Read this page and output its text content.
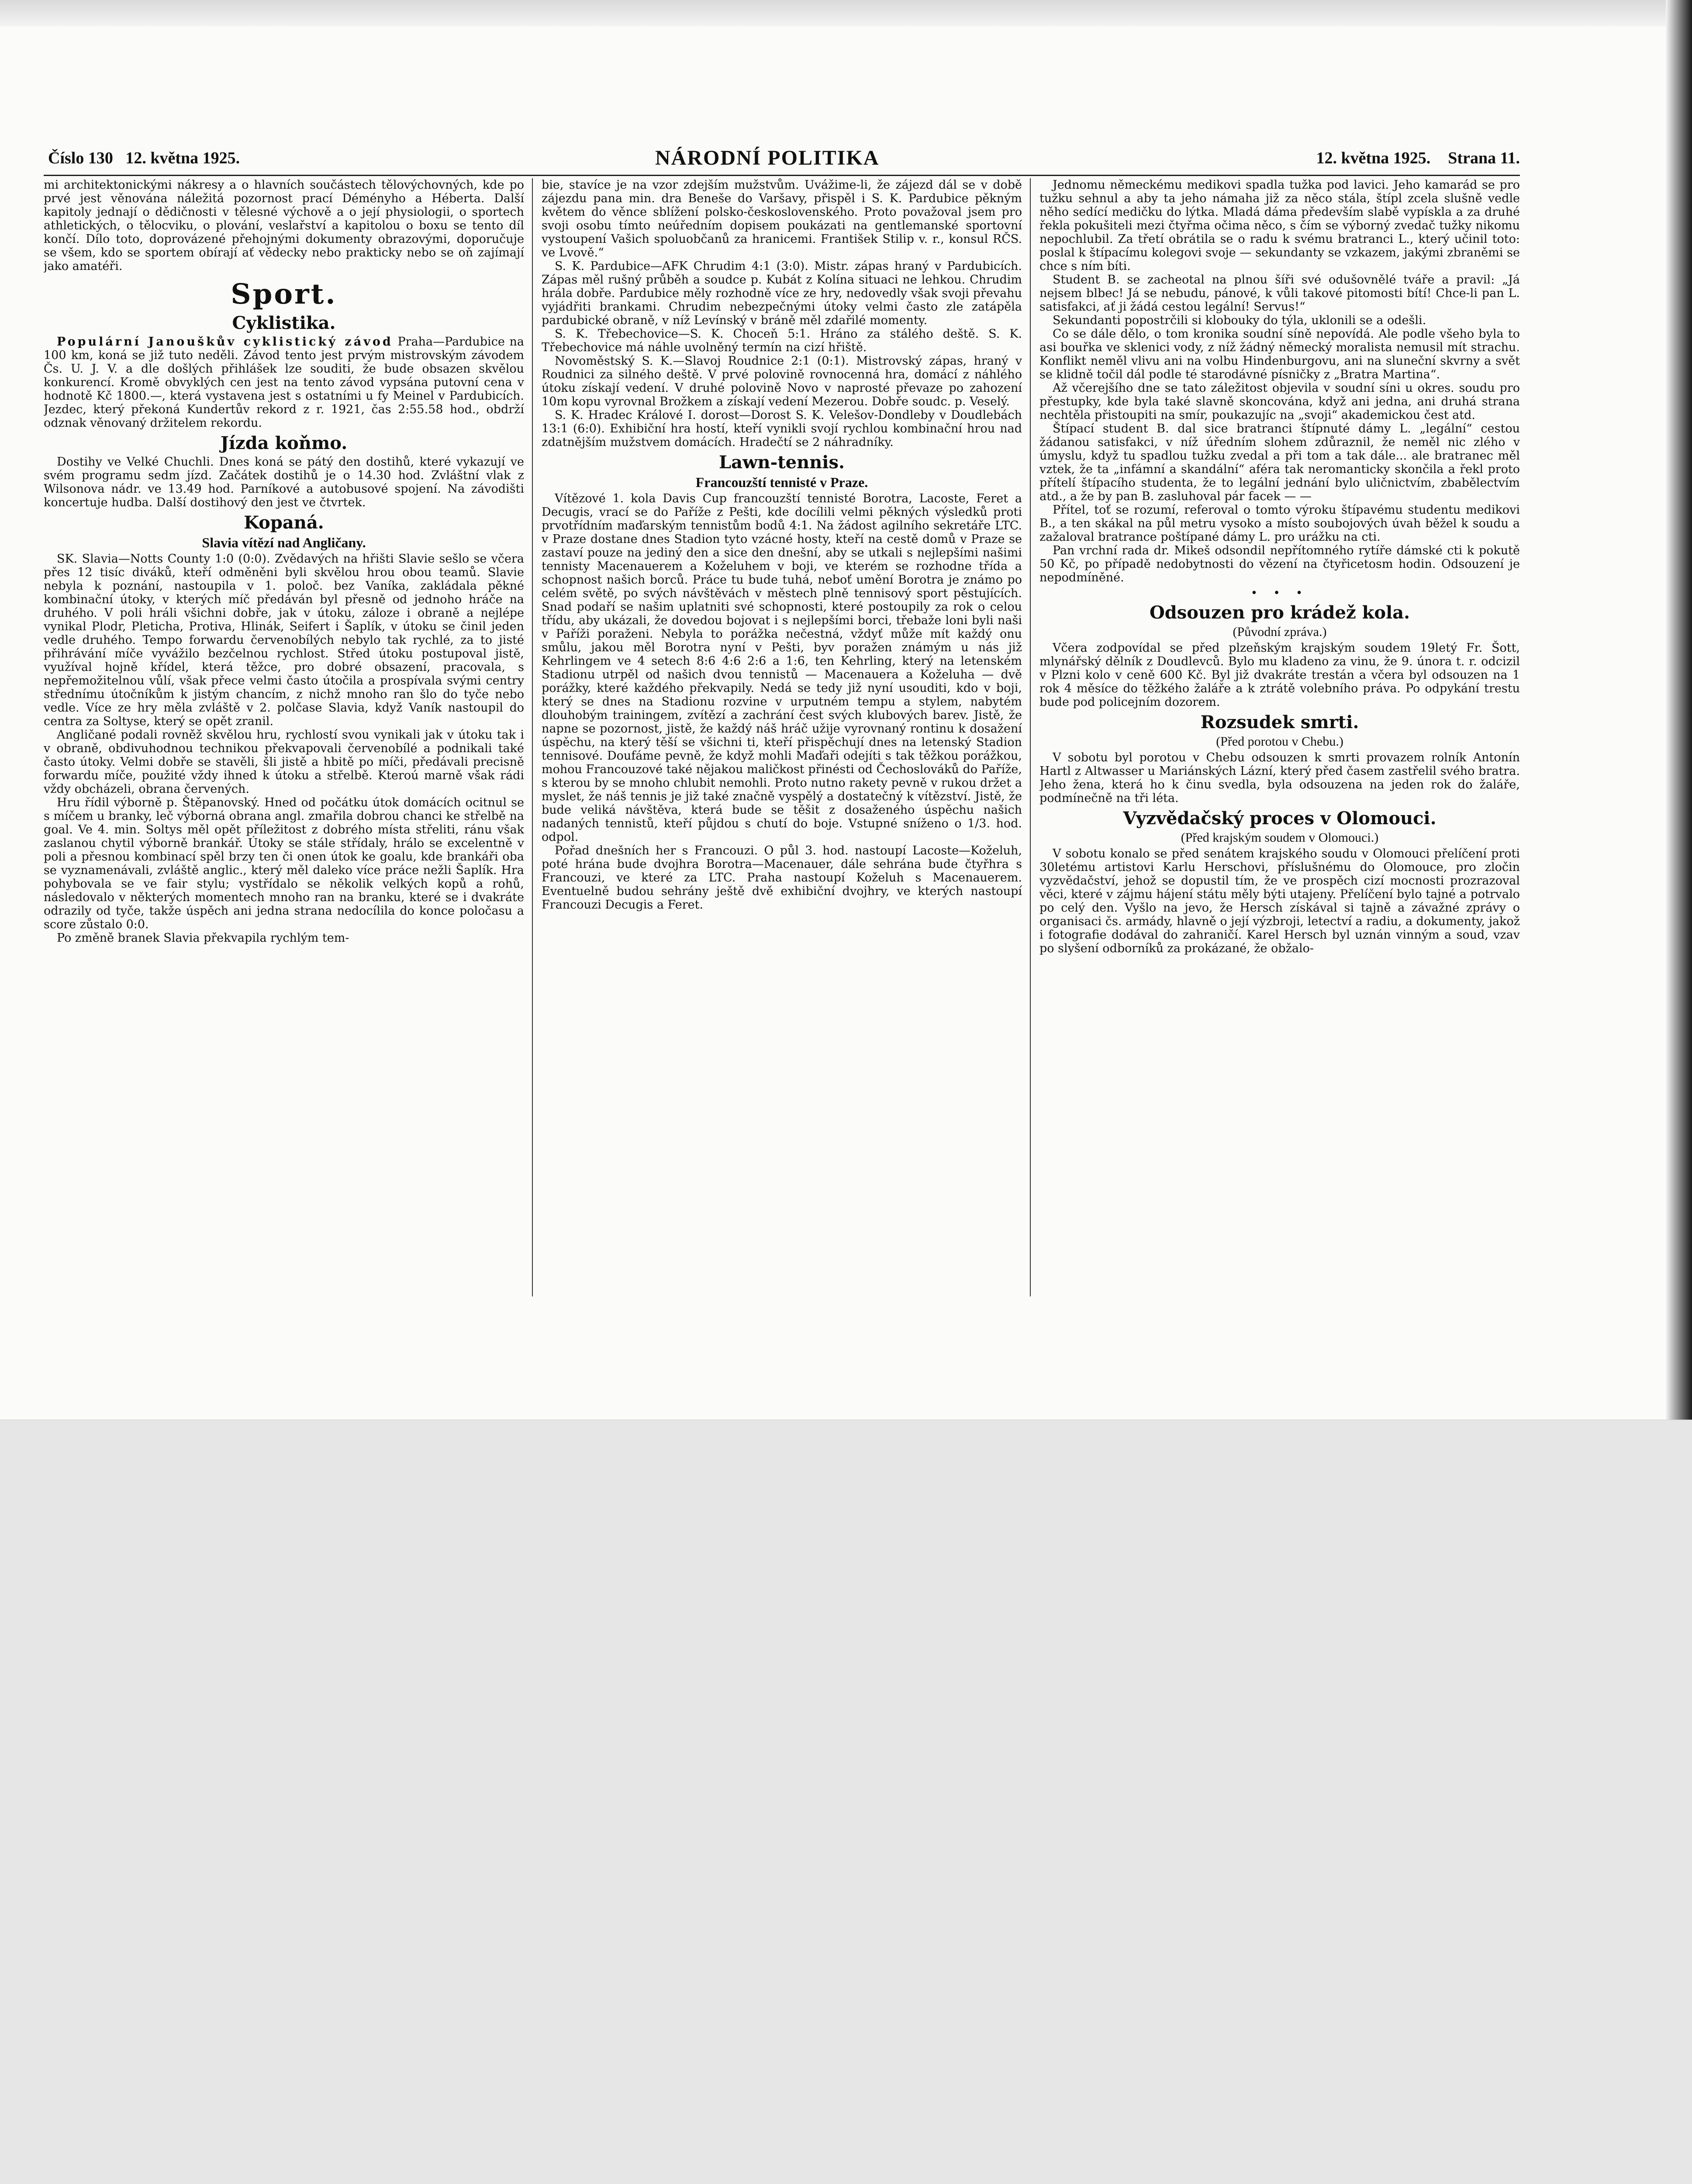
Číslo 130 12. května 1925.	NÁRODNÍ POLITIKA	12. května 1925. Strana 11.

mi architektonickými nákresy a o hlavních součástech tělovýchovných, kde po prvé jest věnována náležitá pozornost prací Déményho a Héberta. Další kapitoly jednají o dědičnosti v tělesné výchově a o její physiologii, o sportech athletických, o tělocviku, o plování, veslařství a kapitolou o boxu se tento díl končí. Dílo toto, doprovázené přehojnými dokumenty obrazovými, doporučuje se všem, kdo se sportem obírají ať vědecky nebo prakticky nebo se oň zajímají jako amatéři.

Sport.
Cyklistika.

Populární Janouškův cyklistický závod Praha—Pardubice na 100 km, koná se již tuto neděli. Závod tento jest prvým mistrovským závodem Čs. U. J. V. a dle došlých přihlášek lze souditi, že bude obsazen skvělou konkurencí. Kromě obvyklých cen jest na tento závod vypsána putovní cena v hodnotě Kč 1800.—, která vystavena jest s ostatními u fy Meinel v Pardubicích. Jezdec, který překoná Kundertův rekord z r. 1921, čas 2:55.58 hod., obdrží odznak věnovaný držitelem rekordu.

Jízda koňmo.

Dostihy ve Velké Chuchli. Dnes koná se pátý den dostihů, které vykazují ve svém programu sedm jízd. Začátek dostihů je o 14.30 hod. Zvláštní vlak z Wilsonova nádr. ve 13.49 hod. Parníkové a autobusové spojení. Na závodišti koncertuje hudba. Další dostihový den jest ve čtvrtek.

Kopaná.
Slavia vítězí nad Angličany.

SK. Slavia—Notts County 1:0 (0:0). Zvědavých na hřišti Slavie sešlo se včera přes 12 tisíc diváků, kteří odměněni byli skvělou hrou obou teamů. Slavie nebyla k poznání, nastoupila v 1. poloč. bez Vaníka, zakládala pěkné kombinační útoky, v kterých míč předáván byl přesně od jednoho hráče na druhého. V poli hráli všichni dobře, jak v útoku, záloze i obraně a nejlépe vynikal Plodr, Pleticha, Protiva, Hlinák, Seifert i Šaplík, v útoku se činil jeden vedle druhého. Tempo forwardu červenobílých nebylo tak rychlé, za to jisté přihrávání míče vyvážilo bezčelnou rychlost. Střed útoku postupoval jistě, využíval hojně křídel, která těžce, pro dobré obsazení, pracovala, s nepřemožitelnou vůlí, však přece velmi často útočila a prospívala svými centry střednímu útočníkům k jistým chancím, z nichž mnoho ran šlo do tyče nebo vedle. Více ze hry měla zvláště v 2. polčase Slavia, když Vaník nastoupil do centra za Soltyse, který se opět zranil.

Angličané podali rovněž skvělou hru, rychlostí svou vynikali jak v útoku tak i v obraně, obdivuhodnou technikou překvapovali červenobílé a podnikali také často útoky. Velmi dobře se stavěli, šli jistě a hbitě po míči, předávali precisně forwardu míče, použité vždy ihned k útoku a střelbě. Kteroú marně však rádi vždy obcházeli, obrana červených.

Hru řídil výborně p. Štěpanovský. Hned od počátku útok domácích ocitnul se s míčem u branky, leč výborná obrana angl. zmařila dobrou chanci ke střelbě na goal. Ve 4. min. Soltys měl opět příležitost z dobrého místa střeliti, ránu však zaslanou chytil výborně brankář. Útoky se stále střídaly, hrálo se excelentně v poli a přesnou kombinací spěl brzy ten či onen útok ke goalu, kde brankáři oba se vyznamenávali, zvláště anglic., který měl daleko více práce nežli Šaplík. Hra pohybovala se ve fair stylu; vystřídalo se několik velkých kopů a rohů, následovalo v některých momentech mnoho ran na branku, které se i dvakráte odrazily od tyče, takže úspěch ani jedna strana nedocílila do konce poločasu a score zůstalo 0:0.

Po změně branek Slavia překvapila rychlým tem-

bie, stavíce je na vzor zdejším mužstvům. Uvážime-li, že zájezd dál se v době zájezdu pana min. dra Beneše do Varšavy, přispěl i S. K. Pardubice pěkným květem do věnce sblížení polsko-československého. Proto považoval jsem pro svoji osobu tímto neúředním dopisem poukázati na gentlemanské sportovní vystoupení Vašich spoluobčanů za hranicemi. František Stilip v. r., konsul RČS. ve Lvově.“

S. K. Pardubice—AFK Chrudim 4:1 (3:0). Mistr. zápas hraný v Pardubicích. Zápas měl rušný průběh a soudce p. Kubát z Kolína situaci ne lehkou. Chrudim hrála dobře. Pardubice měly rozhodně více ze hry, nedovedly však svoji převahu vyjádřiti brankami. Chrudim nebezpečnými útoky velmi často zle zatápěla pardubické obraně, v níž Levínský v bráně měl zdařilé momenty.

S. K. Třebechovice—S. K. Choceň 5:1. Hráno za stálého deště. S. K. Třebechovice má náhle uvolněný termín na cizí hřiště.

Novoměstský S. K.—Slavoj Roudnice 2:1 (0:1). Mistrovský zápas, hraný v Roudnici za silného deště. V prvé polovině rovnocenná hra, domácí z náhlého útoku získají vedení. V druhé polovině Novo v naprosté převaze po zahození 10m kopu vyrovnal Brožkem a získají vedení Mezerou. Dobře soudc. p. Veselý.

S. K. Hradec Králové I. dorost—Dorost S. K. Velešov-Dondleby v Doudlebách 13:1 (6:0). Exhibiční hra hostí, kteří vynikli svojí rychlou kombinační hrou nad zdatnějším mužstvem domácích. Hradečtí se 2 náhradníky.

Lawn-tennis.
Francouzští tennisté v Praze.

Vítězové 1. kola Davis Cup francouzští tennisté Borotra, Lacoste, Feret a Decugis, vrací se do Paříže z Pešti, kde docílili velmi pěkných výsledků proti prvotřídním maďarským tennistům bodů 4:1. Na žádost agilního sekretáře LTC. v Praze dostane dnes Stadion tyto vzácné hosty, kteří na cestě domů v Praze se zastaví pouze na jediný den a sice den dnešní, aby se utkali s nejlepšími našimi tennisty Macenauerem a Koželuhem v boji, ve kterém se rozhodne třída a schopnost našich borců. Práce tu bude tuhá, neboť umění Borotra je známo po celém světě, po svých návštěvách v městech plně tennisový sport pěstujících. Snad podaří se našim uplatniti své schopnosti, které postoupily za rok o celou třídu, aby ukázali, že dovedou bojovat i s nejlepšími borci, třebaže loni byli naši v Paříži poraženi. Nebyla to porážka nečestná, vždyť může mít každý onu smůlu, jakou měl Borotra nyní v Pešti, byv poražen známým u nás již Kehrlingem ve 4 setech 8:6 4:6 2:6 a 1:6, ten Kehrling, který na letenském Stadionu utrpěl od našich dvou tennistů — Macenauera a Koželuha — dvě porážky, které každého překvapily. Nedá se tedy již nyní usouditi, kdo v boji, který se dnes na Stadionu rozvine v urputném tempu a stylem, nabytém dlouhobým trainingem, zvítězí a zachrání čest svých klubových barev. Jistě, že napne se pozornost, jistě, že každý náš hráč užije vyrovnaný rontinu k dosažení úspěchu, na který těší se všichni ti, kteří přispěchují dnes na letenský Stadion tennisové. Doufáme pevně, že když mohli Maďaři odejíti s tak těžkou porážkou, mohou Francouzové také nějakou maličkost přinésti od Čechoslováků do Paříže, s kterou by se mnoho chlubit nemohli. Proto nutno rakety pevně v rukou držet a myslet, že náš tennis je již také značně vyspělý a dostatečný k vítězství. Jistě, že bude veliká návštěva, která bude se těšit z dosaženého úspěchu našich nadaných tennistů, kteří půjdou s chutí do boje. Vstupné sníženo o 1/3. hod. odpol.

Pořad dnešních her s Francouzi. O půl 3. hod. nastoupí Lacoste—Koželuh, poté hrána bude dvojhra Borotra—Macenauer, dále sehrána bude čtyřhra s Francouzi, ve které za LTC. Praha nastoupí Koželuh s Macenauerem. Eventuelně budou sehrány ještě dvě exhibiční dvojhry, ve kterých nastoupí Francouzi Decugis a Feret.

Jednomu německému medikovi spadla tužka pod lavici. Jeho kamarád se pro tužku sehnul a aby ta jeho námaha již za něco stála, štípl zcela slušně vedle něho sedící medičku do lýtka. Mladá dáma především slabě vypískla a za druhé řekla pokušiteli mezi čtyřma očima něco, s čím se výborný zvedač tužky nikomu nepochlubil. Za třetí obrátila se o radu k svému bratranci L., který učinil toto: poslal k štípacímu kolegovi svoje — sekundanty se vzkazem, jakými zbraněmi se chce s ním bíti.

Student B. se zacheotal na plnou šíři své odušovnělé tváře a pravil: „Já nejsem blbec! Já se nebudu, pánové, k vůli takové pitomosti bítí! Chce-li pan L. satisfakci, ať ji žádá cestou legální! Servus!“

Sekundanti popostrčili si klobouky do týla, uklonili se a odešli.

Co se dále dělo, o tom kronika soudní síně nepovídá. Ale podle všeho byla to asi bouřka ve sklenici vody, z níž žádný německý moralista nemusil mít strachu. Konflikt neměl vlivu ani na volbu Hindenburgovu, ani na sluneční skvrny a svět se klidně točil dál podle té starodávné písničky z „Bratra Martina“.

Až včerejšího dne se tato záležitost objevila v soudní síni u okres. soudu pro přestupky, kde byla také slavně skoncována, když ani jedna, ani druhá strana nechtěla přistoupiti na smír, poukazujíc na „svoji“ akademickou čest atd.

Štípací student B. dal sice bratranci štípnuté dámy L. „legální“ cestou žádanou satisfakci, v níž úředním slohem zdůraznil, že neměl nic zlého v úmyslu, když tu spadlou tužku zvedal a při tom a tak dále... ale bratranec měl vztek, že ta „infámní a skandální“ aféra tak neromanticky skončila a řekl proto přítelí štípacího studenta, že to legální jednání bylo uličnictvím, zbabělectvím atd., a že by pan B. zasluhoval pár facek — —

Přítel, toť se rozumí, referoval o tomto výroku štípavému studentu medikovi B., a ten skákal na půl metru vysoko a místo soubojových úvah běžel k soudu a zažaloval bratrance poštípané dámy L. pro urážku na cti.

Pan vrchní rada dr. Mikeš odsondil nepřítomného rytíře dámské cti k pokutě 50 Kč, po případě nedobytnosti do vězení na čtyřicetosm hodin. Odsouzení je nepodmíněné.

• • •
Odsouzen pro krádež kola.
(Původní zpráva.)

Včera zodpovídal se před plzeňským krajským soudem 19letý Fr. Šott, mlynářský dělník z Doudlevců. Bylo mu kladeno za vinu, že 9. února t. r. odcizil v Plzni kolo v ceně 600 Kč. Byl již dvakráte trestán a včera byl odsouzen na 1 rok 4 měsíce do těžkého žaláře a k ztrátě volebního práva. Po odpykání trestu bude pod policejním dozorem.

Rozsudek smrti.
(Před porotou v Chebu.)

V sobotu byl porotou v Chebu odsouzen k smrti provazem rolník Antonín Hartl z Altwasser u Mariánských Lázní, který před časem zastřelil svého bratra. Jeho žena, která ho k činu svedla, byla odsouzena na jeden rok do žaláře, podmínečně na tři léta.

Vyzvědačský proces v Olomouci.
(Před krajským soudem v Olomouci.)

V sobotu konalo se před senátem krajského soudu v Olomouci přelíčení proti 30letému artistovi Karlu Herschovi, příslušnému do Olomouce, pro zločin vyzvědačství, jehož se dopustil tím, že ve prospěch cizí mocnosti prozrazoval věci, které v zájmu hájení státu měly býti utajeny. Přelíčení bylo tajné a potrvalo po celý den. Vyšlo na jevo, že Hersch získával si tajně a závažné zprávy o organisaci čs. armády, hlavně o její výzbroji, letectví a radiu, a dokumenty, jakož i fotografie dodával do zahraničí. Karel Hersch byl uznán vinným a soud, vzav po slyšení odborníků za prokázané, že obžalo-
